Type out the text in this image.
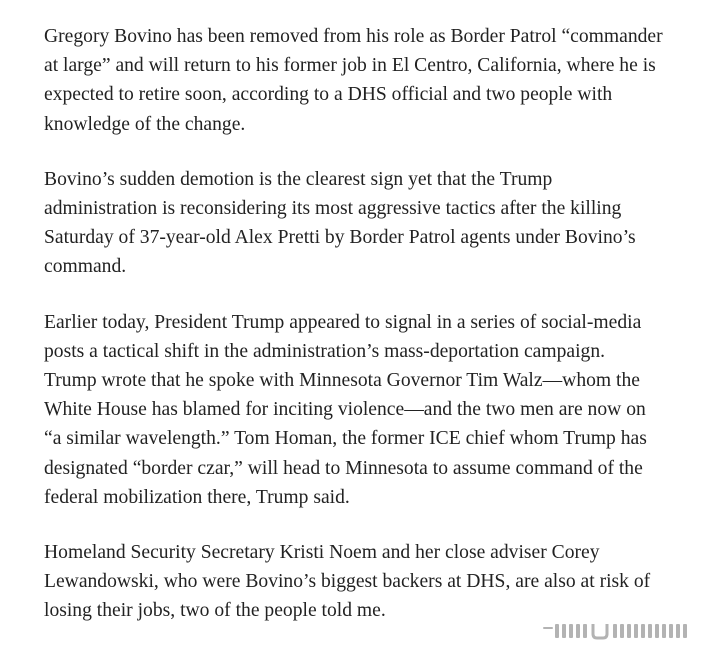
Gregory Bovino has been removed from his role as Border Patrol “commander
at large” and will return to his former job in El Centro, California, where he is
expected to retire soon, according to a DHS official and two people with
knowledge of the change.

Bovino’s sudden demotion is the clearest sign yet that the Trump
administration is reconsidering its most aggressive tactics after the killing
Saturday of 37-year-old Alex Pretti by Border Patrol agents under Bovino’s
command.

Earlier today, President Trump appeared to signal in a series of social-media
posts a tactical shift in the administration’s mass-deportation campaign.
Trump wrote that he spoke with Minnesota Governor Tim Walz—whom the
White House has blamed for inciting violence—and the two men are now on
“a similar wavelength.” Tom Homan, the former ICE chief whom Trump has
designated “border czar,” will head to Minnesota to assume command of the
federal mobilization there, Trump said.

Homeland Security Secretary Kristi Noem and her close adviser Corey
Lewandowski, who were Bovino’s biggest backers at DHS, are also at risk of
losing their jobs, two of the people told me.
